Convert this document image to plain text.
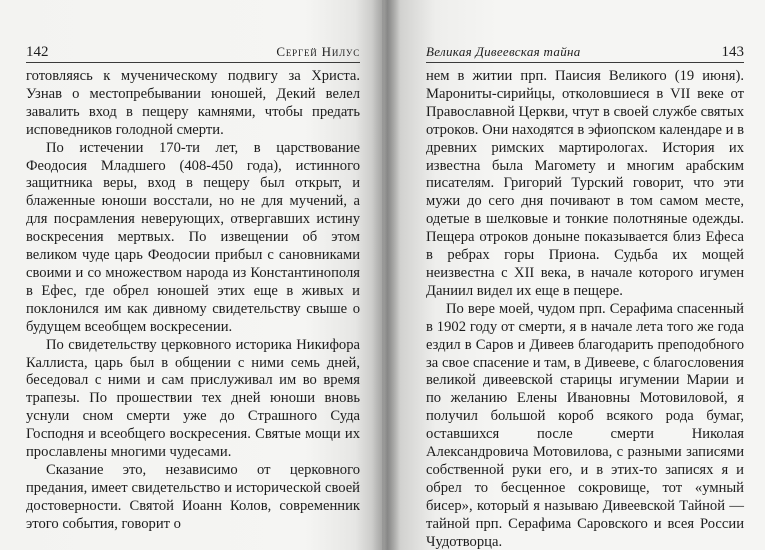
142	Сергей Нилус

готовляясь к мученическому подвигу за Христа. Узнав о местопребывании юношей, Декий велел завалить вход в пещеру камнями, чтобы предать исповедников голодной смерти.

По истечении 170-ти лет, в царствование Феодосия Младшего (408-450 года), истинного защитника веры, вход в пещеру был открыт, и блаженные юноши восстали, но не для мучений, а для посрамления неверующих, отвергавших истину воскресения мертвых. По извещении об этом великом чуде царь Феодосии прибыл с сановниками своими и со множеством народа из Константинополя в Ефес, где обрел юношей этих еще в живых и поклонился им как дивному свидетельству свыше о будущем всеобщем воскресении.

По свидетельству церковного историка Никифора Каллиста, царь был в общении с ними семь дней, беседовал с ними и сам прислуживал им во время трапезы. По прошествии тех дней юноши вновь уснули сном смерти уже до Страшного Суда Господня и всеобщего воскресения. Святые мощи их прославлены многими чудесами.

Сказание это, независимо от церковного предания, имеет свидетельство и исторической своей достоверности. Святой Иоанн Колов, современник этого события, говорит о

Великая Дивеевская тайна	143

нем в житии прп. Паисия Великого (19 июня). Марониты-сирийцы, отколовшиеся в VII веке от Православной Церкви, чтут в своей службе святых отроков. Они находятся в эфиопском календаре и в древних римских мартирологах. История их известна была Магомету и многим арабским писателям. Григорий Турский говорит, что эти мужи до сего дня почивают в том самом месте, одетые в шелковые и тонкие полотняные одежды. Пещера отроков доныне показывается близ Ефеса в ребрах горы Приона. Судьба их мощей неизвестна с XII века, в начале которого игумен Даниил видел их еще в пещере.

По вере моей, чудом прп. Серафима спасенный в 1902 году от смерти, я в начале лета того же года ездил в Саров и Дивеев благодарить преподобного за свое спасение и там, в Дивееве, с благословения великой дивеевской старицы игумении Марии и по желанию Елены Ивановны Мотовиловой, я получил большой короб всякого рода бумаг, оставшихся после смерти Николая Александровича Мотовилова, с разными записями собственной руки его, и в этих-то записях я и обрел то бесценное сокровище, тот «умный бисер», который я называю Дивеевской Тайной — тайной прп. Серафима Саровского и всея России Чудотворца.
